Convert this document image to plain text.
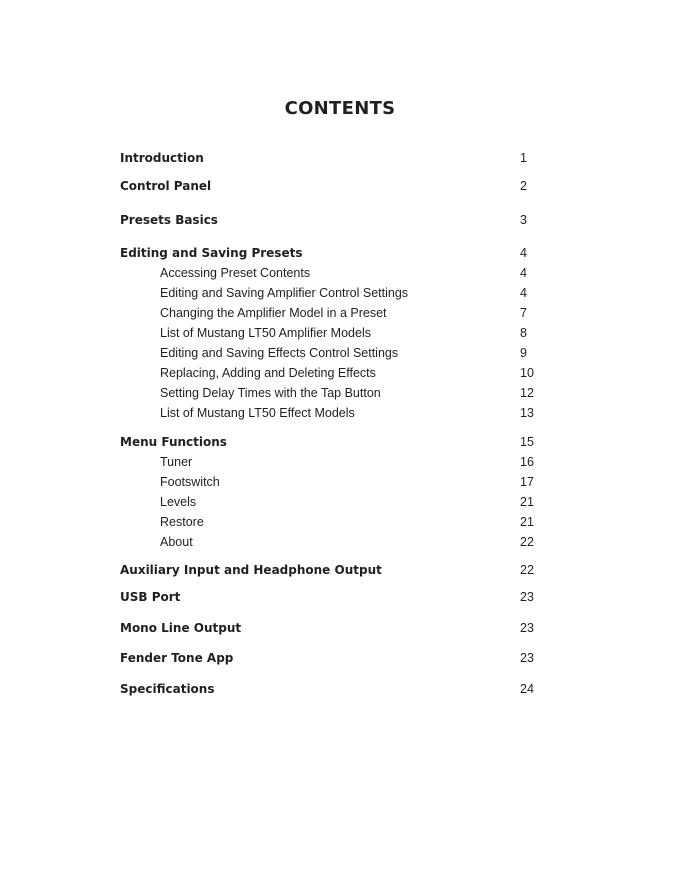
CONTENTS
Introduction	1
Control Panel	2
Presets Basics	3
Editing and Saving Presets	4
Accessing Preset Contents	4
Editing and Saving Amplifier Control Settings	4
Changing the Amplifier Model in a Preset	7
List of Mustang LT50 Amplifier Models	8
Editing and Saving Effects Control Settings	9
Replacing, Adding and Deleting Effects	10
Setting Delay Times with the Tap Button	12
List of Mustang LT50 Effect Models	13
Menu Functions	15
Tuner	16
Footswitch	17
Levels	21
Restore	21
About	22
Auxiliary Input and Headphone Output	22
USB Port	23
Mono Line Output	23
Fender Tone App	23
Specifications	24
